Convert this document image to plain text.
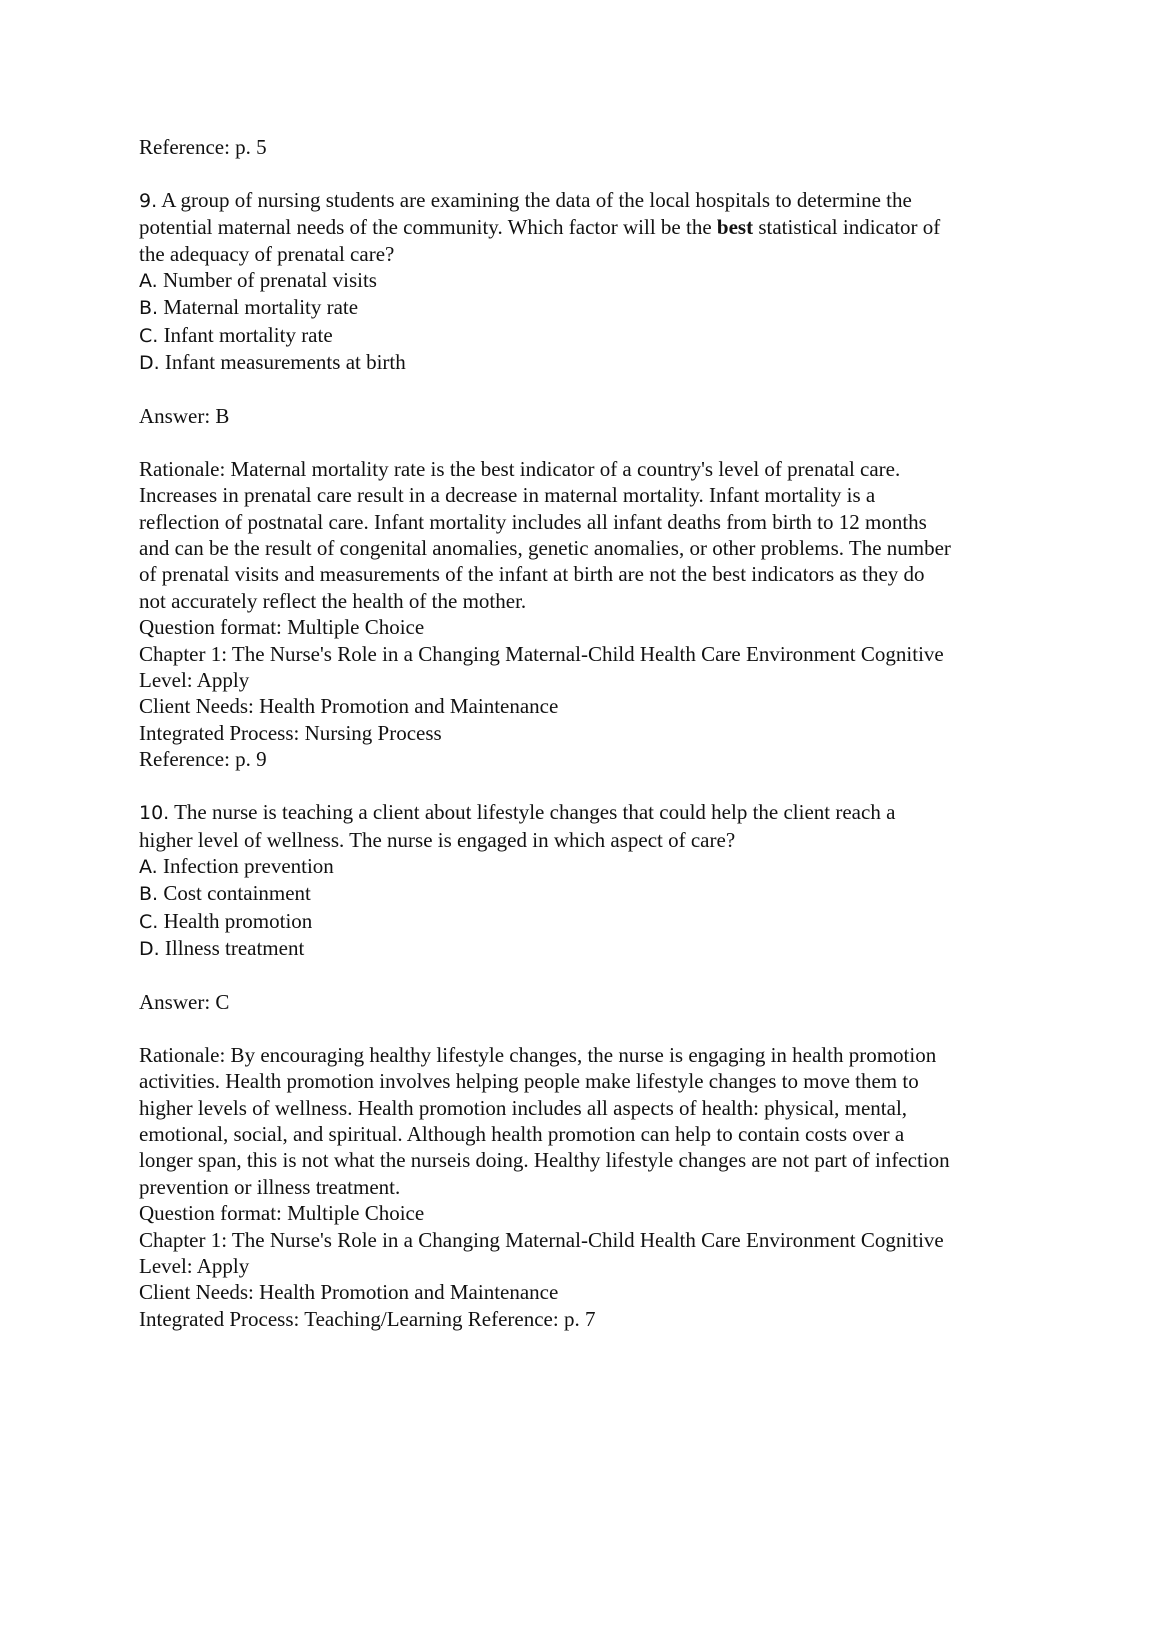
Reference: p. 5
9. A group of nursing students are examining the data of the local hospitals to determine the
potential maternal needs of the community. Which factor will be the best statistical indicator of
the adequacy of prenatal care?
A. Number of prenatal visits
B. Maternal mortality rate
C. Infant mortality rate
D. Infant measurements at birth
Answer: B
Rationale: Maternal mortality rate is the best indicator of a country's level of prenatal care.
Increases in prenatal care result in a decrease in maternal mortality. Infant mortality is a
reflection of postnatal care. Infant mortality includes all infant deaths from birth to 12 months
and can be the result of congenital anomalies, genetic anomalies, or other problems. The number
of prenatal visits and measurements of the infant at birth are not the best indicators as they do
not accurately reflect the health of the mother.
Question format: Multiple Choice
Chapter 1: The Nurse's Role in a Changing Maternal-Child Health Care Environment Cognitive
Level: Apply
Client Needs: Health Promotion and Maintenance
Integrated Process: Nursing Process
Reference: p. 9
10. The nurse is teaching a client about lifestyle changes that could help the client reach a
higher level of wellness. The nurse is engaged in which aspect of care?
A. Infection prevention
B. Cost containment
C. Health promotion
D. Illness treatment
Answer: C
Rationale: By encouraging healthy lifestyle changes, the nurse is engaging in health promotion
activities. Health promotion involves helping people make lifestyle changes to move them to
higher levels of wellness. Health promotion includes all aspects of health: physical, mental,
emotional, social, and spiritual. Although health promotion can help to contain costs over a
longer span, this is not what the nurseis doing. Healthy lifestyle changes are not part of infection
prevention or illness treatment.
Question format: Multiple Choice
Chapter 1: The Nurse's Role in a Changing Maternal-Child Health Care Environment Cognitive
Level: Apply
Client Needs: Health Promotion and Maintenance
Integrated Process: Teaching/Learning Reference: p. 7
